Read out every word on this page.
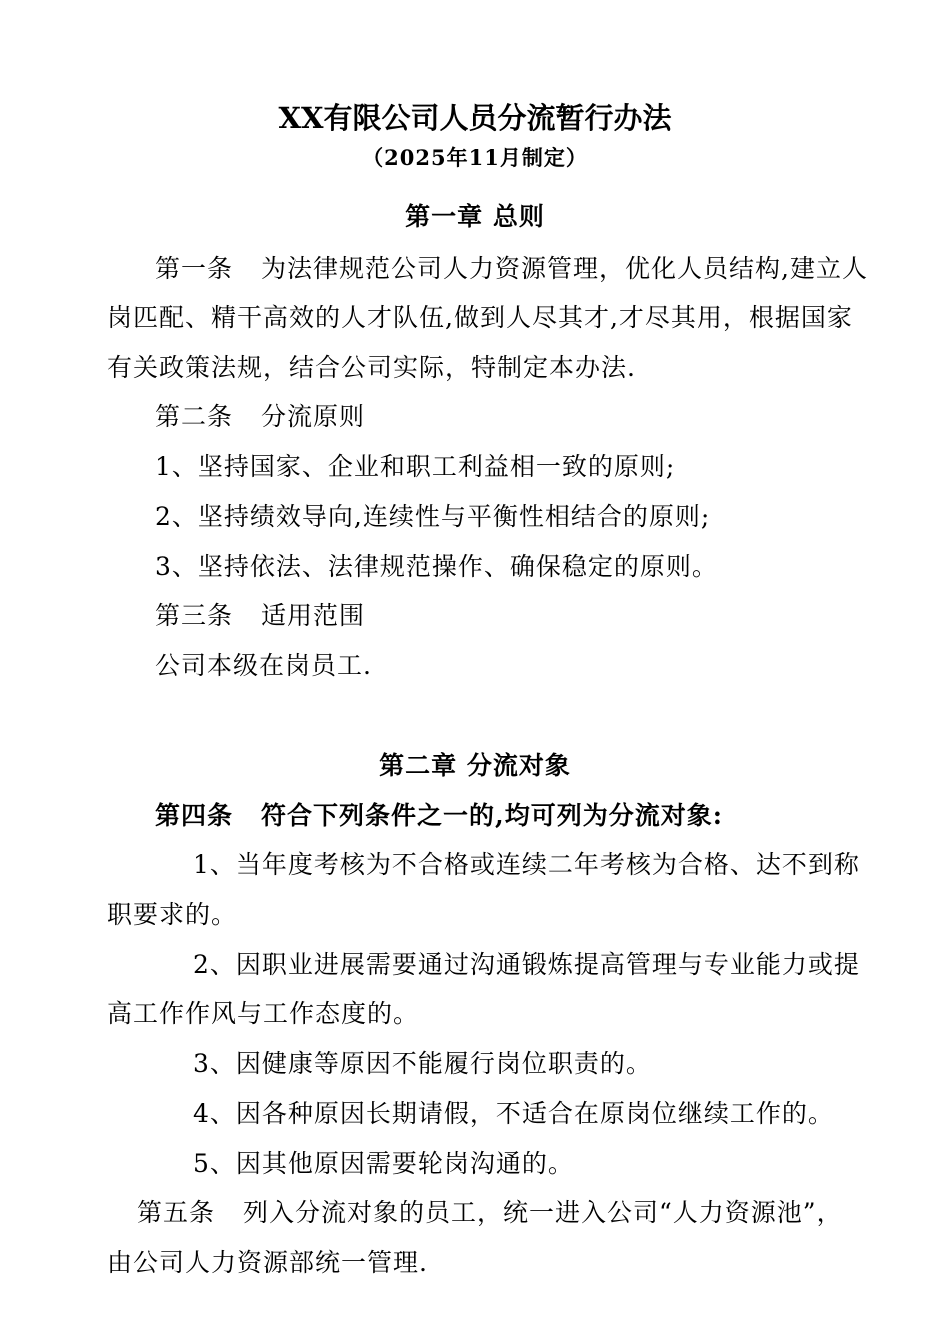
XX有限公司人员分流暂行办法
（2025年11月制定）
第一章 总则
第一条 为法律规范公司人力资源管理，优化人员结构,建立人
岗匹配、精干高效的人才队伍,做到人尽其才,才尽其用，根据国家
有关政策法规，结合公司实际，特制定本办法.
第二条 分流原则
1、坚持国家、企业和职工利益相一致的原则;
2、坚持绩效导向,连续性与平衡性相结合的原则;
3、坚持依法、法律规范操作、确保稳定的原则。
第三条 适用范围
公司本级在岗员工.
第二章 分流对象
第四条 符合下列条件之一的,均可列为分流对象:
1、当年度考核为不合格或连续二年考核为合格、达不到称
职要求的。
2、因职业进展需要通过沟通锻炼提高管理与专业能力或提
高工作作风与工作态度的。
3、因健康等原因不能履行岗位职责的。
4、因各种原因长期请假，不适合在原岗位继续工作的。
5、因其他原因需要轮岗沟通的。
第五条 列入分流对象的员工，统一进入公司“人力资源池”，
由公司人力资源部统一管理.
